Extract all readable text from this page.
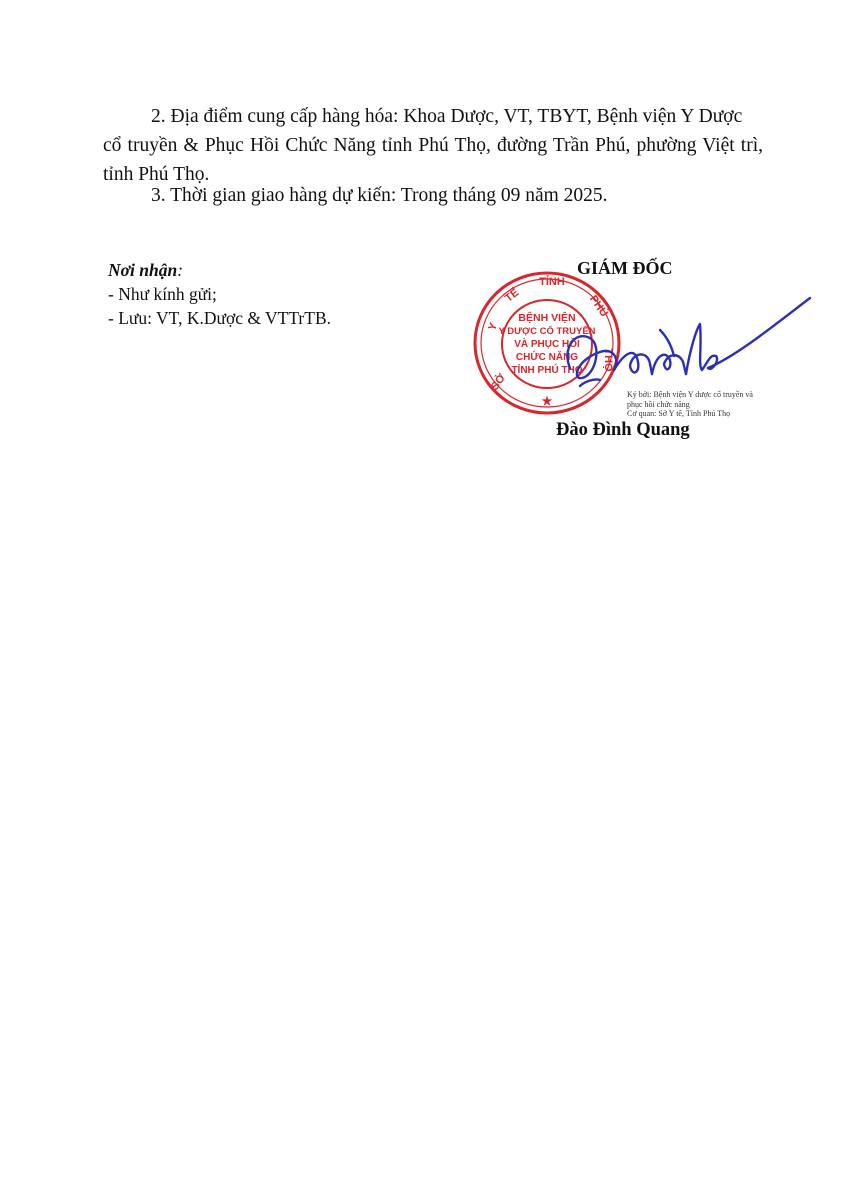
2. Địa điểm cung cấp hàng hóa: Khoa Dược, VT, TBYT, Bệnh viện Y Dược
cổ truyền & Phục Hồi Chức Năng tỉnh Phú Thọ, đường Trần Phú, phường Việt trì, tỉnh Phú Thọ.

3. Thời gian giao hàng dự kiến: Trong tháng 09 năm 2025.

Nơi nhận:
- Như kính gửi;
- Lưu: VT, K.Dược & VTTrTB.
GIÁM ĐỐC
SỞ
Y
TẾ
TỈNH
PHÚ
THỌ
BỆNH VIỆN
Y DƯỢC CỔ TRUYỀN
VÀ PHỤC HỒI
CHỨC NĂNG
TỈNH PHÚ THỌ
★	Ký bởi: Bệnh viện Y dược cổ truyền và
phục hồi chức năng
Cơ quan: Sở Y tế, Tỉnh Phú Thọ
Đào Đình Quang
